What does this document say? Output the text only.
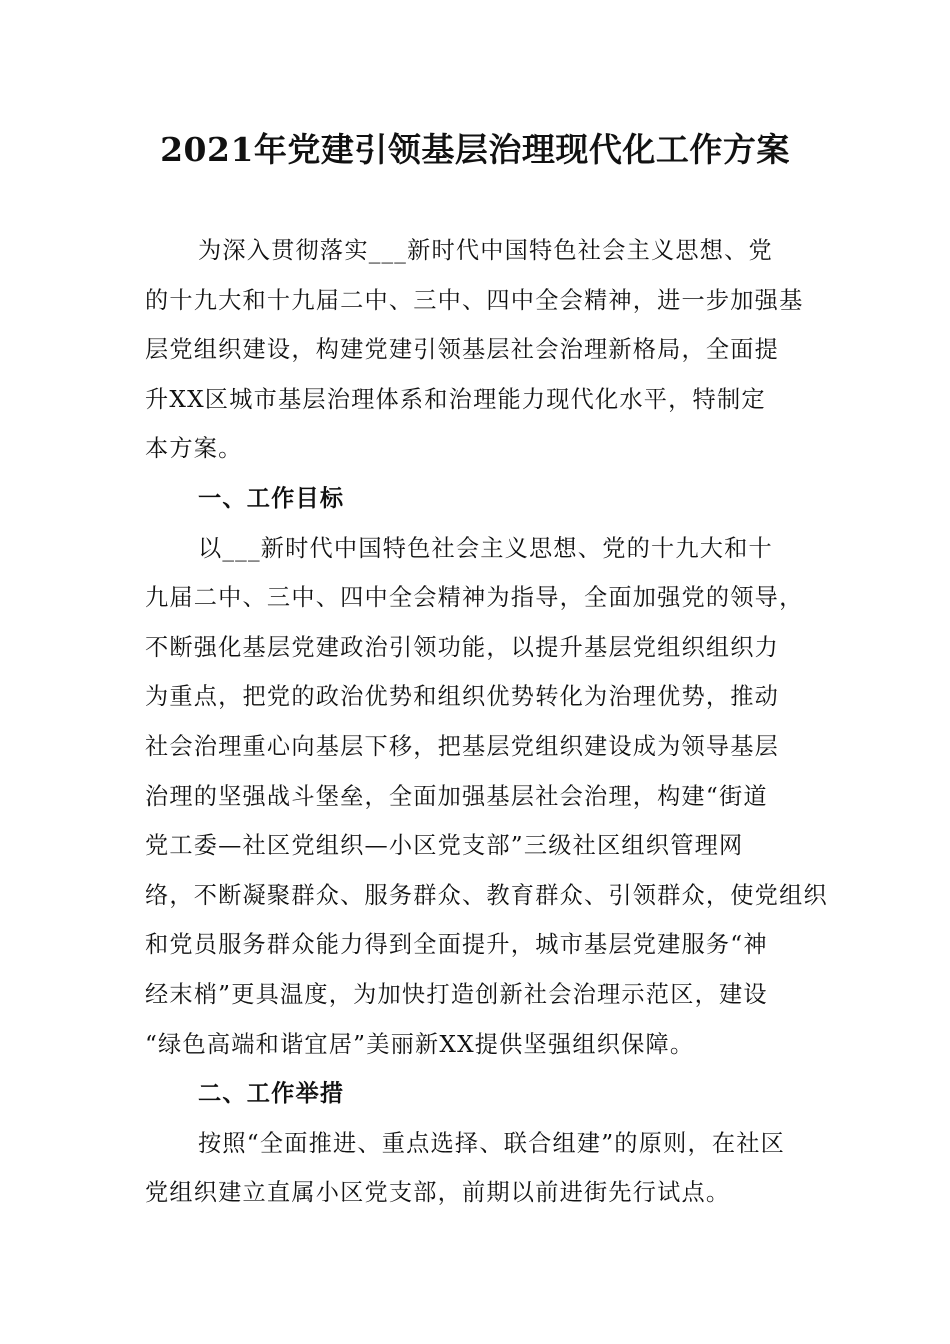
2021年党建引领基层治理现代化工作方案
为深入贯彻落实___新时代中国特色社会主义思想、党
的十九大和十九届二中、三中、四中全会精神，进一步加强基
层党组织建设，构建党建引领基层社会治理新格局，全面提
升XX区城市基层治理体系和治理能力现代化水平，特制定
本方案。
一、工作目标
以___新时代中国特色社会主义思想、党的十九大和十
九届二中、三中、四中全会精神为指导，全面加强党的领导，
不断强化基层党建政治引领功能，以提升基层党组织组织力
为重点，把党的政治优势和组织优势转化为治理优势，推动
社会治理重心向基层下移，把基层党组织建设成为领导基层
治理的坚强战斗堡垒，全面加强基层社会治理，构建“街道
党工委—社区党组织—小区党支部”三级社区组织管理网
络，不断凝聚群众、服务群众、教育群众、引领群众，使党组织
和党员服务群众能力得到全面提升，城市基层党建服务“神
经末梢”更具温度，为加快打造创新社会治理示范区，建设
“绿色高端和谐宜居”美丽新XX提供坚强组织保障。
二、工作举措
按照“全面推进、重点选择、联合组建”的原则，在社区
党组织建立直属小区党支部，前期以前进街先行试点。
